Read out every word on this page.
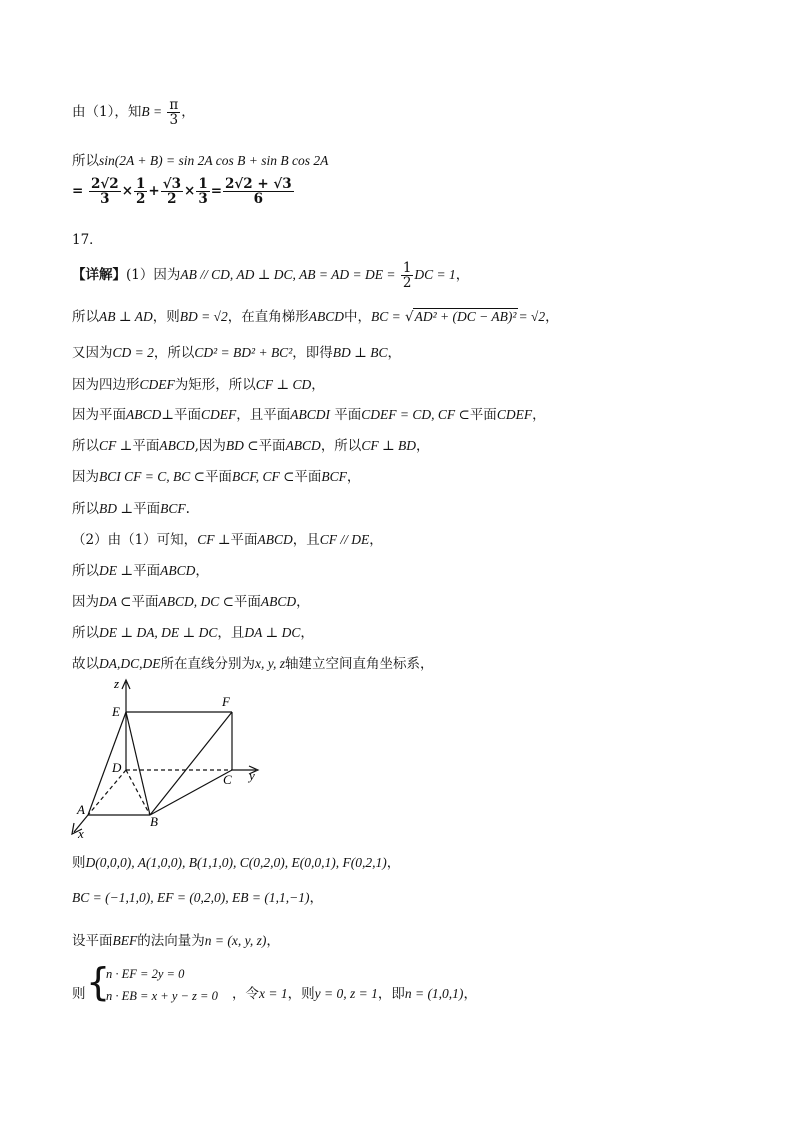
由（1），知$B = \frac{\pi}{3}$ ，
所以sin(2A + B) = sin 2A cos B + sin B cos 2A
= $\frac{2√2}{3} \times \frac{1}{2} + \frac{√3}{2} \times \frac{1}{3} = \frac{2√2 + √3}{6}$
17．
【详解】(1）因为AB // CD, AD ⊥ DC, AB = AD = DE = $\frac{1}{2}$ DC = 1，
所以AB ⊥ AD，则BD = √2，在直角梯形ABCD中，BC = √AD² + (DC − AB)² = √2，
又因为CD = 2，所以CD² = BD² + BC²，即得BD ⊥ BC，
因为四边形CDEF为矩形，所以CF ⊥ CD，
因为平面ABCD⊥平面CDEF，且平面ABCDI 平面CDEF = CD, CF ⊂平面CDEF，
所以CF ⊥平面ABCD,因为BD ⊂平面ABCD，所以CF ⊥ BD，
因为BCI CF = C, BC ⊂平面BCF, CF ⊂平面BCF，
所以BD ⊥平面BCF.
（2）由（1）可知，CF ⊥平面ABCD，且CF // DE，
所以DE ⊥平面ABCD，
因为DA ⊂平面ABCD, DC ⊂平面ABCD，
所以DE ⊥ DA, DE ⊥ DC，且DA ⊥ DC，
故以DA,DC,DE所在直线分别为x, y, z轴建立空间直角坐标系，
z
E
F
D
C y
A
B
x
则D(0,0,0), A(1,0,0), B(1,1,0), C(0,2,0), E(0,0,1), F(0,2,1)，
BC = (−1,1,0), EF = (0,2,0), EB = (1,1,−1)，
设平面BEF的法向量为n = (x, y, z)，
则 {
n · EF = 2y = 0
n · EB = x + y − z = 0 ，令x = 1，则y = 0, z = 1，即n = (1,0,1)，
